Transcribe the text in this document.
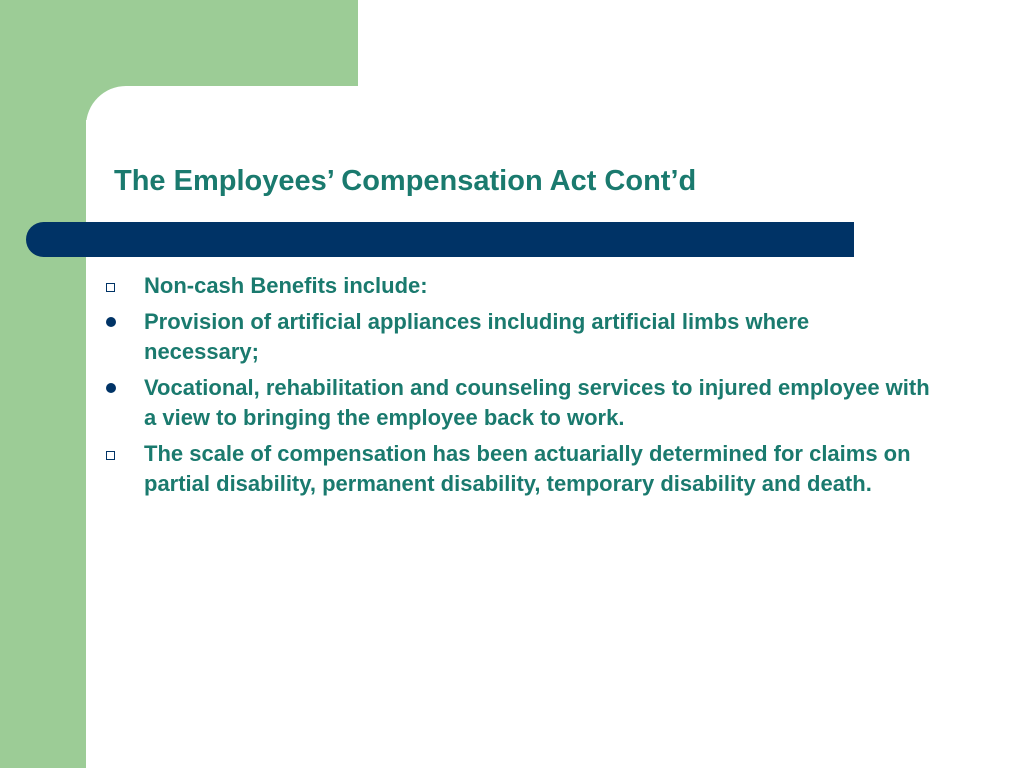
The Employees’ Compensation Act Cont’d
Non-cash Benefits include:
Provision of artificial appliances including artificial limbs where necessary;
Vocational, rehabilitation and counseling services to injured employee with a view to bringing the employee back to work.
The scale of compensation has been actuarially determined for claims on partial disability, permanent disability, temporary disability and death.
